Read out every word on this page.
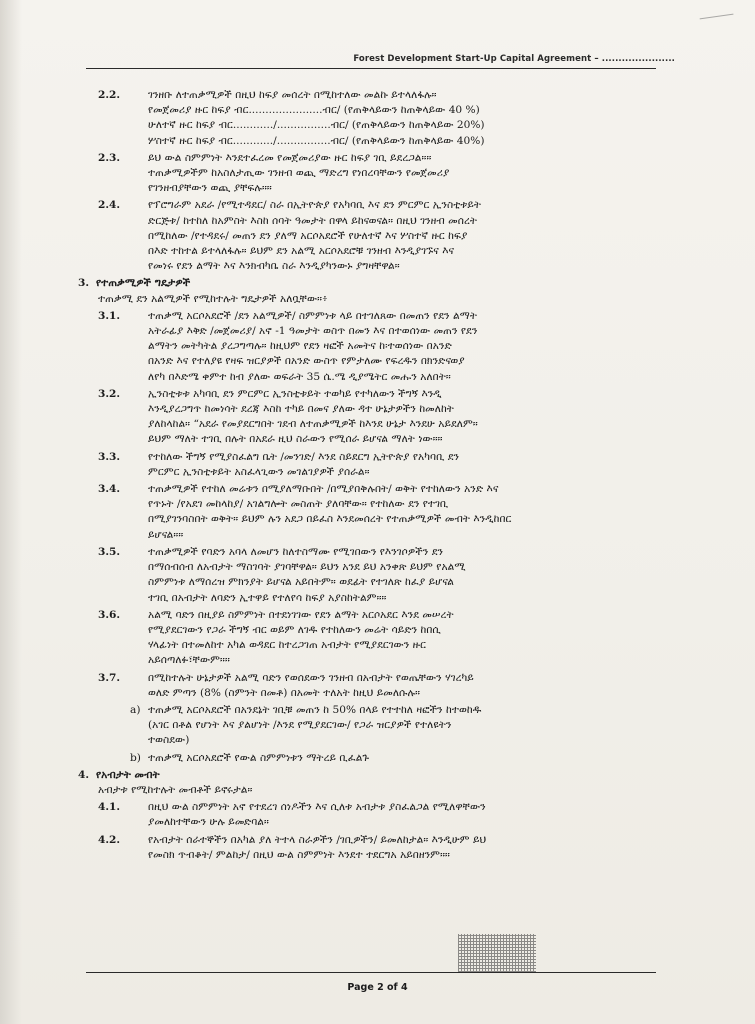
Forest Development Start-Up Capital Agreement – ......................
2.2.	ገንዘቡ ለተጠቃሚዎች በዚህ ከፍያ መሰረት በሚከተለው መልኩ ይተላለፋሉ።
የመጀመሪያ ዙር ከፍያ ብር......................ብር/ (የጠቅላይውን ከጠቅላይው 40 %)
ሁለተኛ ዙር ከፍያ ብር............/................ብር/ (የጠቅላይውን ከጠቅላይው 20%)
ሦስተኛ ዙር ከፍያ ብር............/................ብር/ (የጠቅላይውን ከጠቅላይው 40%)
2.3.	ይህ ውል ስምምነት እንደተፈረመ የመጀመሪያው ዙር ከፍያ ገቢ ይደረጋል።።
ተጠቃሚዎችም ከአስለታጢው ገንዘብ ወጪ ማድረግ የነበረባቸውን የመጀመሪያ
የገንዘብያቸውን ወጪ ያቸፍሉ።።
2.4.	የፕሮግራም አደራ /የሚተዳደር/ ስራ በኢትዮጵያ የአካባቢ እና ደን ምርምር ኢንስቲቱይት
ድርጅቱ/ ከተከለ ከአምስት እስከ ሰባት ዓመታት በዋላ ይከናወናል። በዚህ ገንዘብ መሰረት
በሚከለው /የተዳደሩ/ መጠን ደን ያለማ አርሶአደሮች የሁለተኛ እና ሦስተኛ ዙር ከፍያ
በእድ ተከተል ይተላለፋሉ። ይህም ደን አልሚ አርሶአደሮቹ ገንዘብ እንዲያገኙና እና
የመነሩ የደን ልማት እና እንክብካቤ ስራ እንዲያካንውኑ ያግዛቸዋል።
3. የተጠቃሚዎች ግዴታዎች
ተጠቃሚ ደን አልሚዎች የሚከተሉት ግዴታዎች አለቧቸው።፥
3.1.	ተጠቃሚ አርሶአደሮች /ደን አልሚዎች/ ስምምነቱ ላይ በተገለጸው በመጠን የደን ልማት
አትራፊያ እቅድ /መጀመሪያ/ አኖ -1 ዓመታት ወስጥ በመን እና በተወሰነው መጠን የደን
ልማትን መትካትል ያረጋግጣሉ። ከዚህም የደን ዛፎች አመትና ከ፡ተወሰነው በአንድ
በአንድ እና የተለያዩ የዛፍ ዝርያዎች በአንድ ውስጥ የምታለሙ የፍረዱን በክንድናወያ
ለየካ በእድሜ ቀምተ ከብ ያለው ወፍራት 35 ሴ.ሜ ዲያሜትር መሑን አለበት።
3.2.	ኢንስቲቱቱ አካባቢ ደን ምርምር ኢንስቲቱይት ተወካይ የተካለውን ችግኝ እንዲ
እንዲያረጋግጥ ከመነሳት ደረጃ እስከ ተካይ በመና ያለው ዳተ ሁኔታዎችን ከመለከት
ያለከላከል። “አደራ የመያደርግበት ገደብ ለተጠቃሚዎች ከእንደ ሁኔታ እንደሁ አይደለም።
ይህም ማለት ተገቢ በሉት በአደራ ዚህ ስራውን የሚሰራ ይሆናል ማለት ነው።።
3.3.	የተከለው ችግኝ የሚያስፈልግ ቤት /መንገድ/ እንደ ስይደርግ ኢትዮጵያ የአካባቢ ደን
ምርምር ኢንስቲቱይት አስፈላጊውን መገልገያዎች ያሰራል።
3.4.	ተጠቃሚዎች የተከለ መሬቱን በሚያለማቡበት /በሚያበቅሉበት/ ወቅት የተከለውን አንድ እና
የጥኑት /የአደገ መከላከያ/ አገልግሎት መስጠት ያለባቸው። የተከለው ደን የተገቢ
በሚያገንባስበት ወቅት። ይህም ሉን አደጋ በይፈስ እንደመሰረት የተጠቃሚዎች መብት እንዲከበር
ይሆናል።።
3.5.	ተጠቃሚዎች የባድን አባላ ለመሆን ከለተስማሙ የሚገበውን የእንገሶዎችን ደን
በማሰብሰብ ለአብታት ማስገባት ያገባቸዋል። ይህን አንደ ይህ አንቀጽ ይህም የአልሚ
ስምምነቱ ለማሰረዝ ምክንያት ይሆናል አይበትም። ወደፊት የተገለጽ ከፈያ ይሆናል
ተገቢ በአብታት ለባድን ኢተዋይ የተለየሳ ከፍያ አያስከትልም።።
3.6.	አልሚ ባድን በዚያይ ስምምነት በተደነገገው የደን ልማት አርሶአደር እንደ መሠረት
የሚያደርገውን የጋራ ችግኝ ብር ወይም ለገዱ የተከለውን መሬት ሳይድን ከበሲ
ሃላፊነት በተመለከተ አካል ወዳደር ከተረጋገጠ አብታት የሚያደርገውን ዙር
አይሰጣለፉ፣ቸውም።።
3.7.	በሚከተሉት ሁኔታዎች አልሚ ባድን የወሰደውን ገንዘብ በአብታት የወጤቸውን ሃገረካይ
ወለድ ምጣን (8% (ስምንት በመቶ) በአመት ተለአት ከዚህ ይመለሱሉ።
a) ተጠቃሚ አርሶአደሮች በአንደኔት ገቢቹ መጠን ከ 50% በላይ የተተከለ ዛፎችን ከተወከዱ
(አገር በቶል የሆነት እና ያልሆነት /እንደ የሚያደርገው/ የጋራ ዝርያዎች የተለዩትን
ተወስደው)
b) ተጠቃሚ አርሶአደሮች የውል ስምምነቱን ማትረይ ቢፈልጉ
4. የአብታት መብት
አብታቱ የሚከተሉት መብቶች ይኖሩታል።
4.1.	በዚህ ውል ስምምነት አኖ የተደረገ ሰነዶችን እና ሲለቱ አብታቱ ያስፈልጋል የሚለዋቸውን
ያመለከተቸውን ሁሉ ይመድባል።
4.2.	የአብታት ሰራተኞችን በአካል ያለ ትተላ ስራዎችን /ገቢዎችን/ ይመለከታል። እንዲሁም ይህ
የመስክ ጥብቆት/ ምልከታ/ በዚህ ውል ስምምነት እንደተ ተደርግአ አይበዘንም።።
Page 2 of 4
